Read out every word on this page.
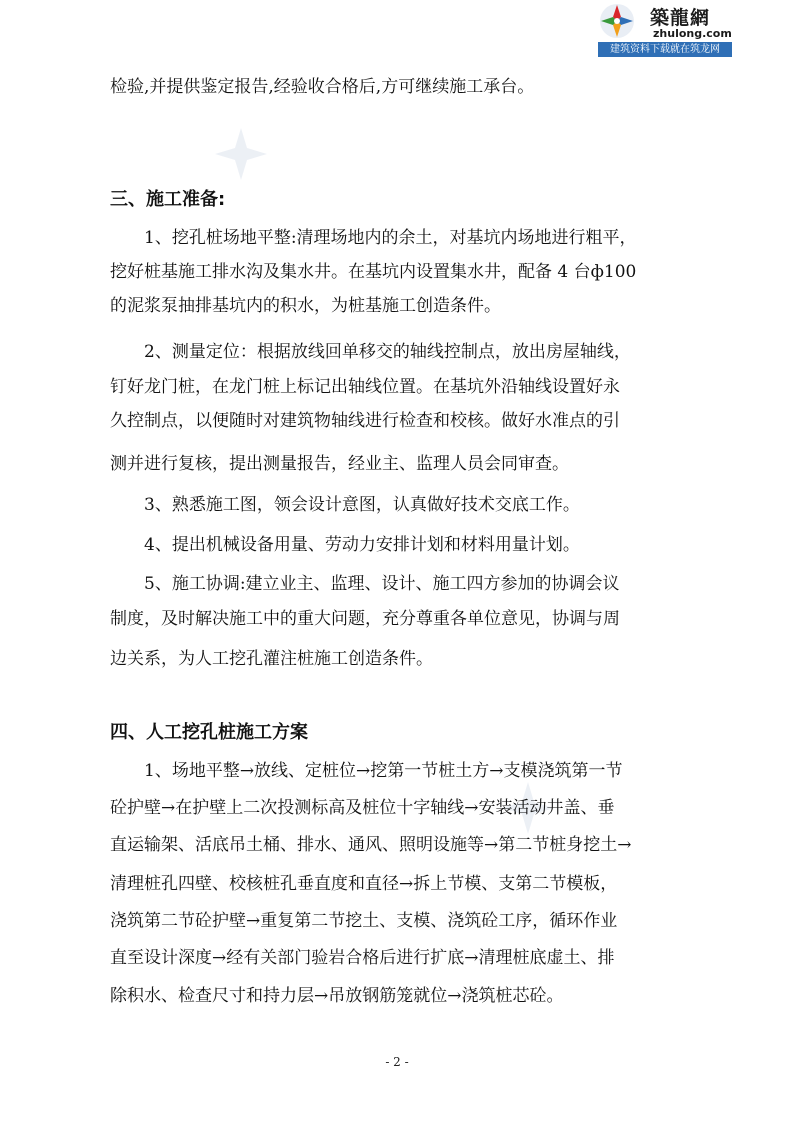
築龍網
zhulong.com
建筑资料下载就在筑龙网
检验,并提供鉴定报告,经验收合格后,方可继续施工承台。
三、施工准备:
1、挖孔桩场地平整:清理场地内的余土，对基坑内场地进行粗平，
挖好桩基施工排水沟及集水井。在基坑内设置集水井，配备 4 台ф100
的泥浆泵抽排基坑内的积水，为桩基施工创造条件。
2、测量定位：根据放线回单移交的轴线控制点，放出房屋轴线，
钉好龙门桩，在龙门桩上标记出轴线位置。在基坑外沿轴线设置好永
久控制点，以便随时对建筑物轴线进行检查和校核。做好水准点的引
测并进行复核，提出测量报告，经业主、监理人员会同审查。
3、熟悉施工图，领会设计意图，认真做好技术交底工作。
4、提出机械设备用量、劳动力安排计划和材料用量计划。
5、施工协调:建立业主、监理、设计、施工四方参加的协调会议
制度，及时解决施工中的重大问题，充分尊重各单位意见，协调与周
边关系，为人工挖孔灌注桩施工创造条件。
四、人工挖孔桩施工方案
1、场地平整→放线、定桩位→挖第一节桩土方→支模浇筑第一节
砼护壁→在护壁上二次投测标高及桩位十字轴线→安装活动井盖、垂
直运输架、活底吊土桶、排水、通风、照明设施等→第二节桩身挖土→
清理桩孔四壁、校核桩孔垂直度和直径→拆上节模、支第二节模板，
浇筑第二节砼护壁→重复第二节挖土、支模、浇筑砼工序，循环作业
直至设计深度→经有关部门验岩合格后进行扩底→清理桩底虚土、排
除积水、检查尺寸和持力层→吊放钢筋笼就位→浇筑桩芯砼。
- 2 -
